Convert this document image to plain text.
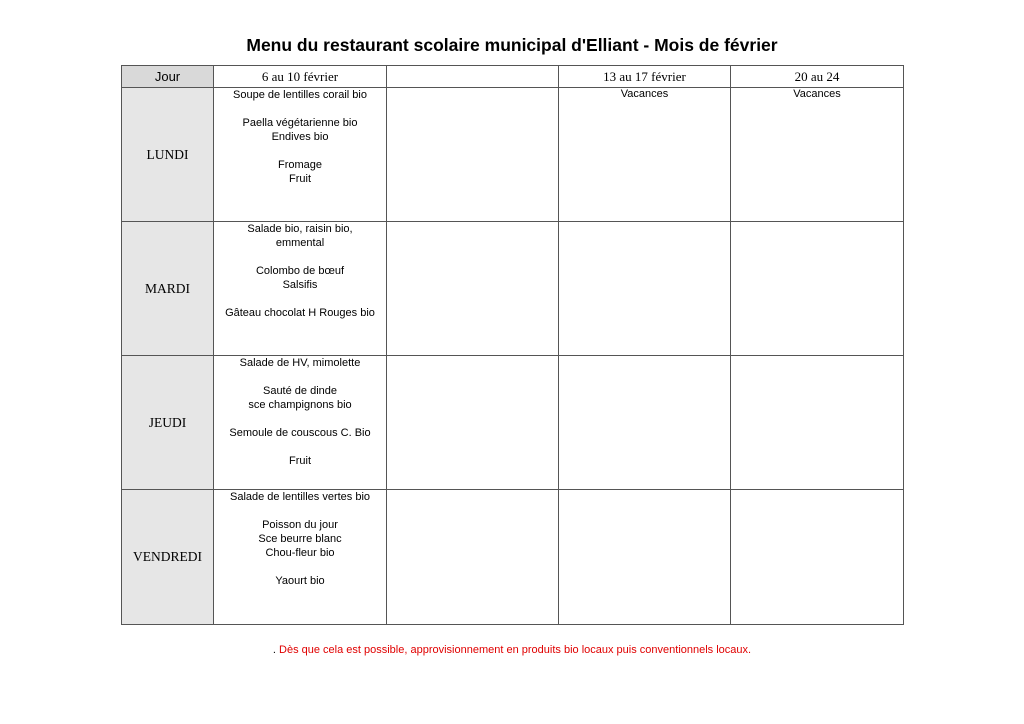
Menu du restaurant scolaire municipal d'Elliant - Mois de février
Jour	6 au 10 février		13 au 17 février	20 au 24
LUNDI	Soupe de lentilles corail bio
Paella végétarienne bio
Endives bio
Fromage
Fruit		Vacances	Vacances
MARDI	Salade bio, raisin bio,
emmental
Colombo de bœuf
Salsifis
Gâteau chocolat H Rouges bio			

JEUDI	Salade de HV, mimolette
Sauté de dinde
sce champignons bio
Semoule de couscous C. Bio
Fruit			

VENDREDI	Salade de lentilles vertes bio
Poisson du jour
Sce beurre blanc
Chou-fleur bio
Yaourt bio			

. Dès que cela est possible, approvisionnement en produits bio locaux puis conventionnels locaux.
